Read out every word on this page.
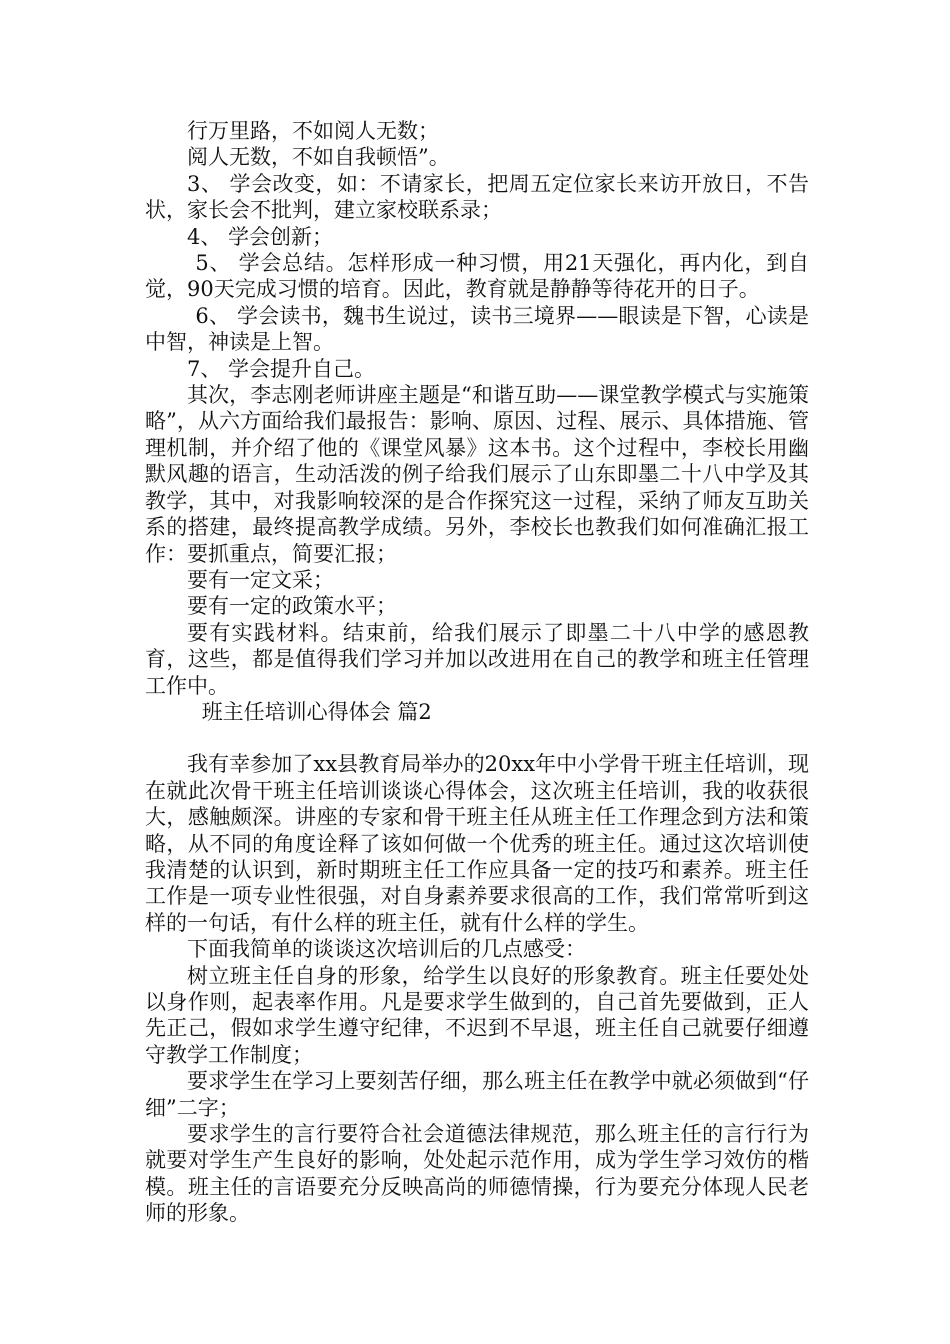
行万里路，不如阅人无数；

阅人无数，不如自我顿悟”。

3、 学会改变，如：不请家长，把周五定位家长来访开放日，不告状，家长会不批判，建立家校联系录；

4、 学会创新；

5、 学会总结。怎样形成一种习惯，用21天强化，再内化，到自觉，90天完成习惯的培育。因此，教育就是静静等待花开的日子。

6、 学会读书，魏书生说过，读书三境界——眼读是下智，心读是中智，神读是上智。

7、 学会提升自己。

其次，李志刚老师讲座主题是“和谐互助——课堂教学模式与实施策略”，从六方面给我们最报告：影响、原因、过程、展示、具体措施、管理机制，并介绍了他的《课堂风暴》这本书。这个过程中，李校长用幽默风趣的语言，生动活泼的例子给我们展示了山东即墨二十八中学及其教学，其中，对我影响较深的是合作探究这一过程，采纳了师友互助关系的搭建，最终提高教学成绩。另外，李校长也教我们如何准确汇报工作：要抓重点，简要汇报；

要有一定文采；

要有一定的政策水平；

要有实践材料。结束前，给我们展示了即墨二十八中学的感恩教育，这些，都是值得我们学习并加以改进用在自己的教学和班主任管理工作中。

班主任培训心得体会 篇2

我有幸参加了xx县教育局举办的20xx年中小学骨干班主任培训，现在就此次骨干班主任培训谈谈心得体会，这次班主任培训，我的收获很大，感触颇深。讲座的专家和骨干班主任从班主任工作理念到方法和策略，从不同的角度诠释了该如何做一个优秀的班主任。通过这次培训使我清楚的认识到，新时期班主任工作应具备一定的技巧和素养。班主任工作是一项专业性很强，对自身素养要求很高的工作，我们常常听到这样的一句话，有什么样的班主任，就有什么样的学生。

下面我简单的谈谈这次培训后的几点感受：

树立班主任自身的形象，给学生以良好的形象教育。班主任要处处以身作则，起表率作用。凡是要求学生做到的，自己首先要做到，正人先正己，假如求学生遵守纪律，不迟到不早退，班主任自己就要仔细遵守教学工作制度；

要求学生在学习上要刻苦仔细，那么班主任在教学中就必须做到“仔细”二字；

要求学生的言行要符合社会道德法律规范，那么班主任的言行行为就要对学生产生良好的影响，处处起示范作用，成为学生学习效仿的楷模。班主任的言语要充分反映高尚的师德情操，行为要充分体现人民老师的形象。
